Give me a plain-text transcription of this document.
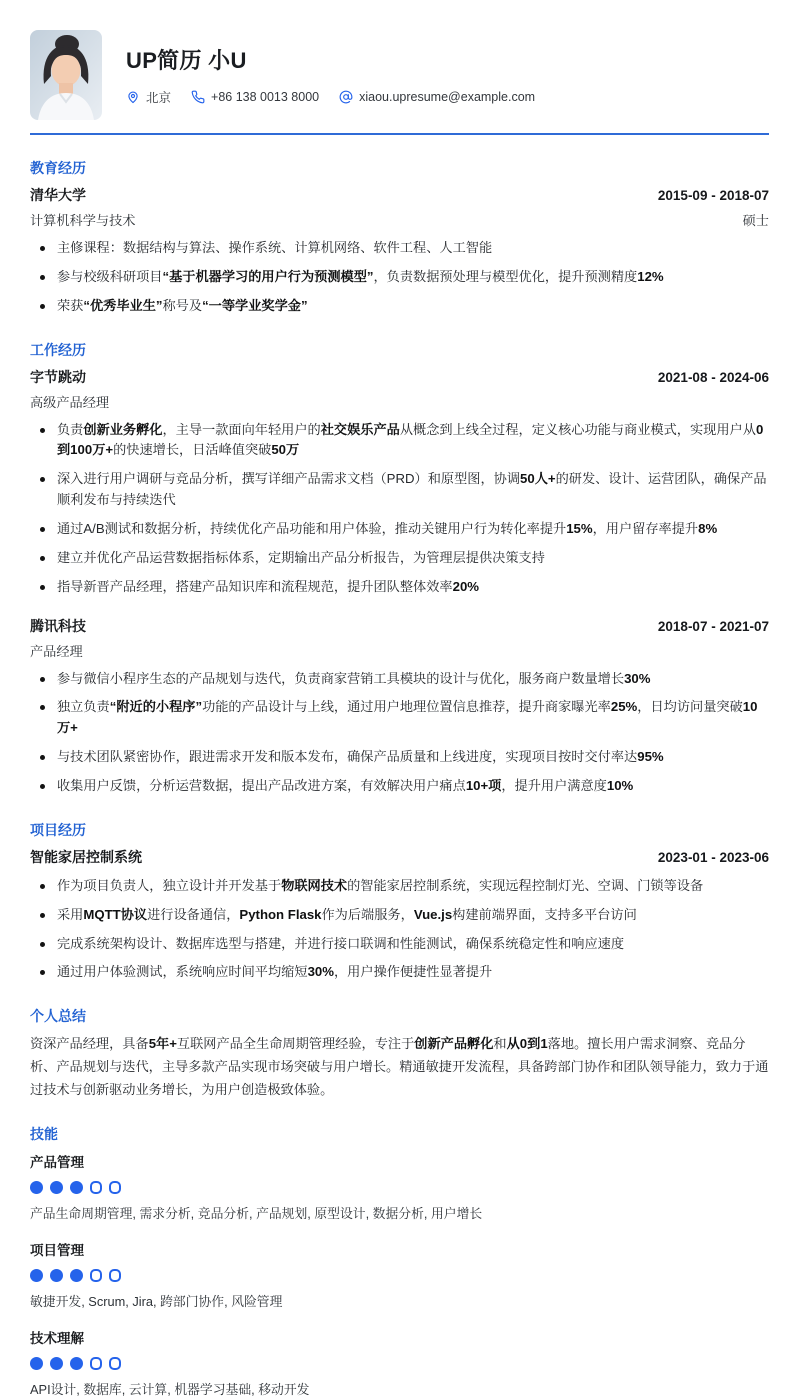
UP简历 小U
北京	+86 138 0013 8000	xiaou.upresume@example.com
教育经历
清华大学	2015-09 - 2018-07
计算机科学与技术	硕士
主修课程：数据结构与算法、操作系统、计算机网络、软件工程、人工智能
参与校级科研项目“基于机器学习的用户行为预测模型”，负责数据预处理与模型优化，提升预测精度12%
荣获“优秀毕业生”称号及“一等学业奖学金”
工作经历
字节跳动	2021-08 - 2024-06
高级产品经理
负责创新业务孵化，主导一款面向年轻用户的社交娱乐产品从概念到上线全过程，定义核心功能与商业模式，实现用户从0到100万+的快速增长，日活峰值突破50万
深入进行用户调研与竞品分析，撰写详细产品需求文档（PRD）和原型图，协调50人+的研发、设计、运营团队，确保产品顺利发布与持续迭代
通过A/B测试和数据分析，持续优化产品功能和用户体验，推动关键用户行为转化率提升15%，用户留存率提升8%
建立并优化产品运营数据指标体系，定期输出产品分析报告，为管理层提供决策支持
指导新晋产品经理，搭建产品知识库和流程规范，提升团队整体效率20%
腾讯科技	2018-07 - 2021-07
产品经理
参与微信小程序生态的产品规划与迭代，负责商家营销工具模块的设计与优化，服务商户数量增长30%
独立负责“附近的小程序”功能的产品设计与上线，通过用户地理位置信息推荐，提升商家曝光率25%，日均访问量突破10万+
与技术团队紧密协作，跟进需求开发和版本发布，确保产品质量和上线进度，实现项目按时交付率达95%
收集用户反馈，分析运营数据，提出产品改进方案，有效解决用户痛点10+项，提升用户满意度10%
项目经历
智能家居控制系统	2023-01 - 2023-06
作为项目负责人，独立设计并开发基于物联网技术的智能家居控制系统，实现远程控制灯光、空调、门锁等设备
采用MQTT协议进行设备通信，Python Flask作为后端服务，Vue.js构建前端界面，支持多平台访问
完成系统架构设计、数据库选型与搭建，并进行接口联调和性能测试，确保系统稳定性和响应速度
通过用户体验测试，系统响应时间平均缩短30%，用户操作便捷性显著提升
个人总结

资深产品经理，具备5年+互联网产品全生命周期管理经验，专注于创新产品孵化和从0到1落地。擅长用户需求洞察、竞品分析、产品规划与迭代，主导多款产品实现市场突破与用户增长。精通敏捷开发流程，具备跨部门协作和团队领导能力，致力于通过技术与创新驱动业务增长，为用户创造极致体验。

技能
产品管理
产品生命周期管理, 需求分析, 竞品分析, 产品规划, 原型设计, 数据分析, 用户增长
项目管理
敏捷开发, Scrum, Jira, 跨部门协作, 风险管理
技术理解
API设计, 数据库, 云计算, 机器学习基础, 移动开发
